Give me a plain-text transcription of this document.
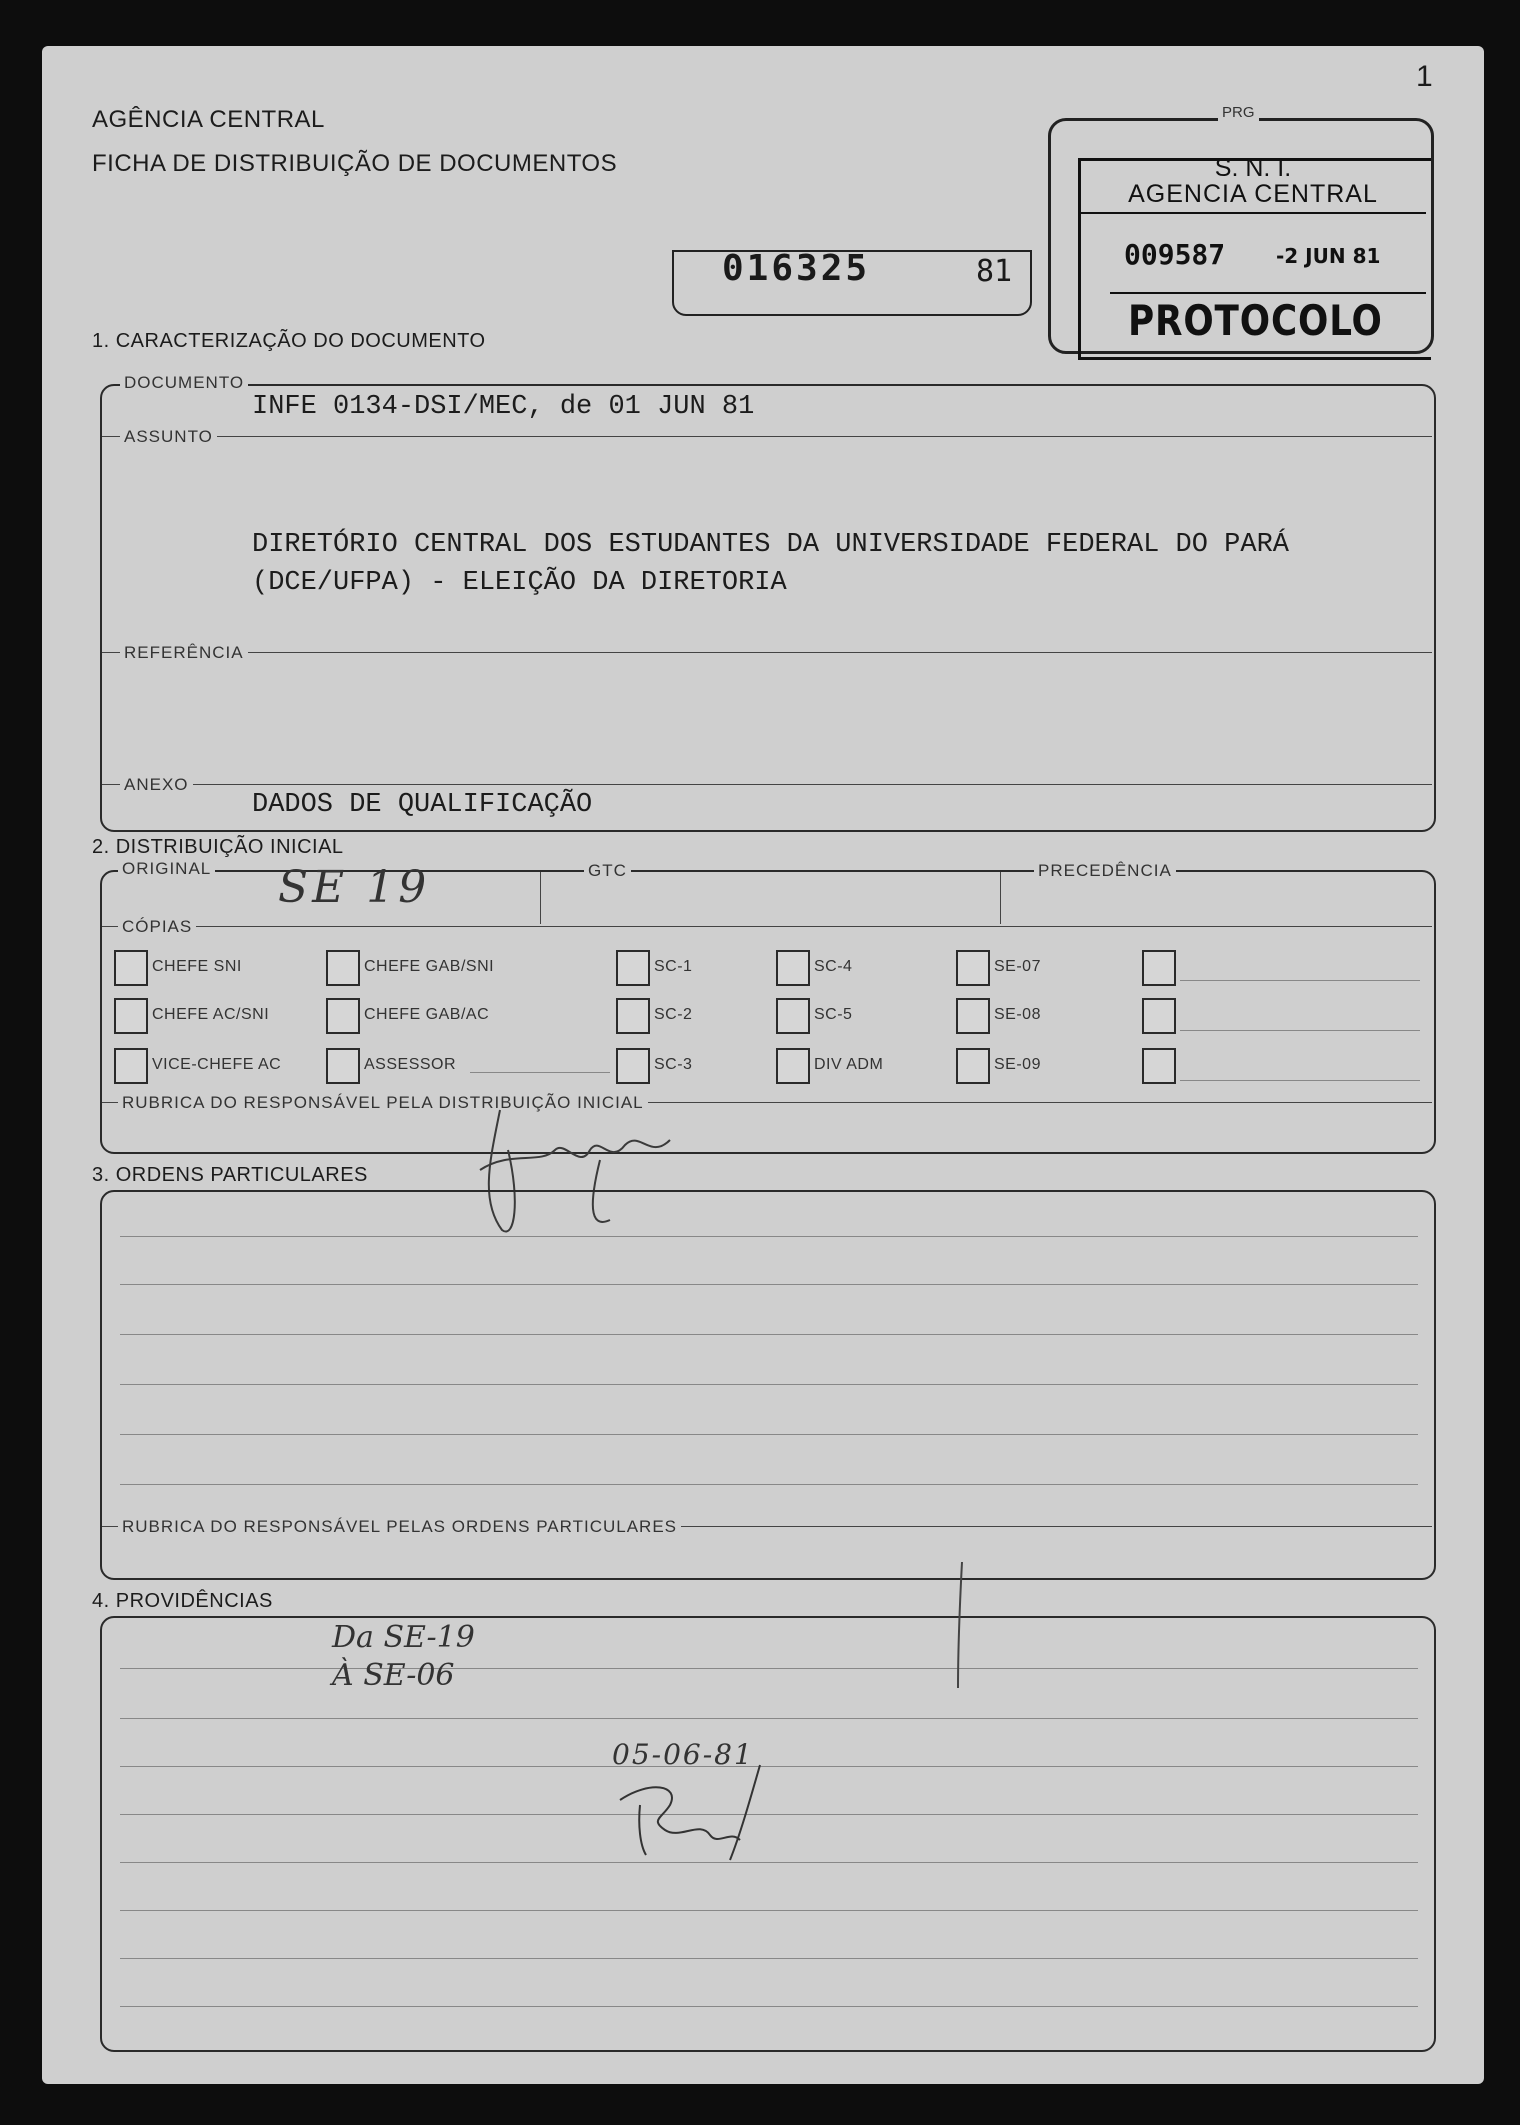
AGÊNCIA CENTRAL
FICHA DE DISTRIBUIÇÃO DE DOCUMENTOS
1
016325	81
PRG
S. N. I.
AGENCIA CENTRAL
009587	-2 JUN 81
PROTOCOLO
1. CARACTERIZAÇÃO DO DOCUMENTO
DOCUMENTO
INFE 0134-DSI/MEC, de 01 JUN 81
ASSUNTO
DIRETÓRIO CENTRAL DOS ESTUDANTES DA UNIVERSIDADE FEDERAL DO PARÁ
(DCE/UFPA) - ELEIÇÃO DA DIRETORIA
REFERÊNCIA
ANEXO
DADOS DE QUALIFICAÇÃO
2. DISTRIBUIÇÃO INICIAL
ORIGINAL SE 19	GTC	PRECEDÊNCIA
CÓPIAS
CHEFE SNI	CHEFE GAB/SNI	SC-1	SC-4	SE-07
CHEFE AC/SNI	CHEFE GAB/AC	SC-2	SC-5	SE-08
VICE-CHEFE AC	ASSESSOR	SC-3	DIV ADM	SE-09
RUBRICA DO RESPONSÁVEL PELA DISTRIBUIÇÃO INICIAL
3. ORDENS PARTICULARES
RUBRICA DO RESPONSÁVEL PELAS ORDENS PARTICULARES
4. PROVIDÊNCIAS
Da SE-19
À SE-06
05-06-81
